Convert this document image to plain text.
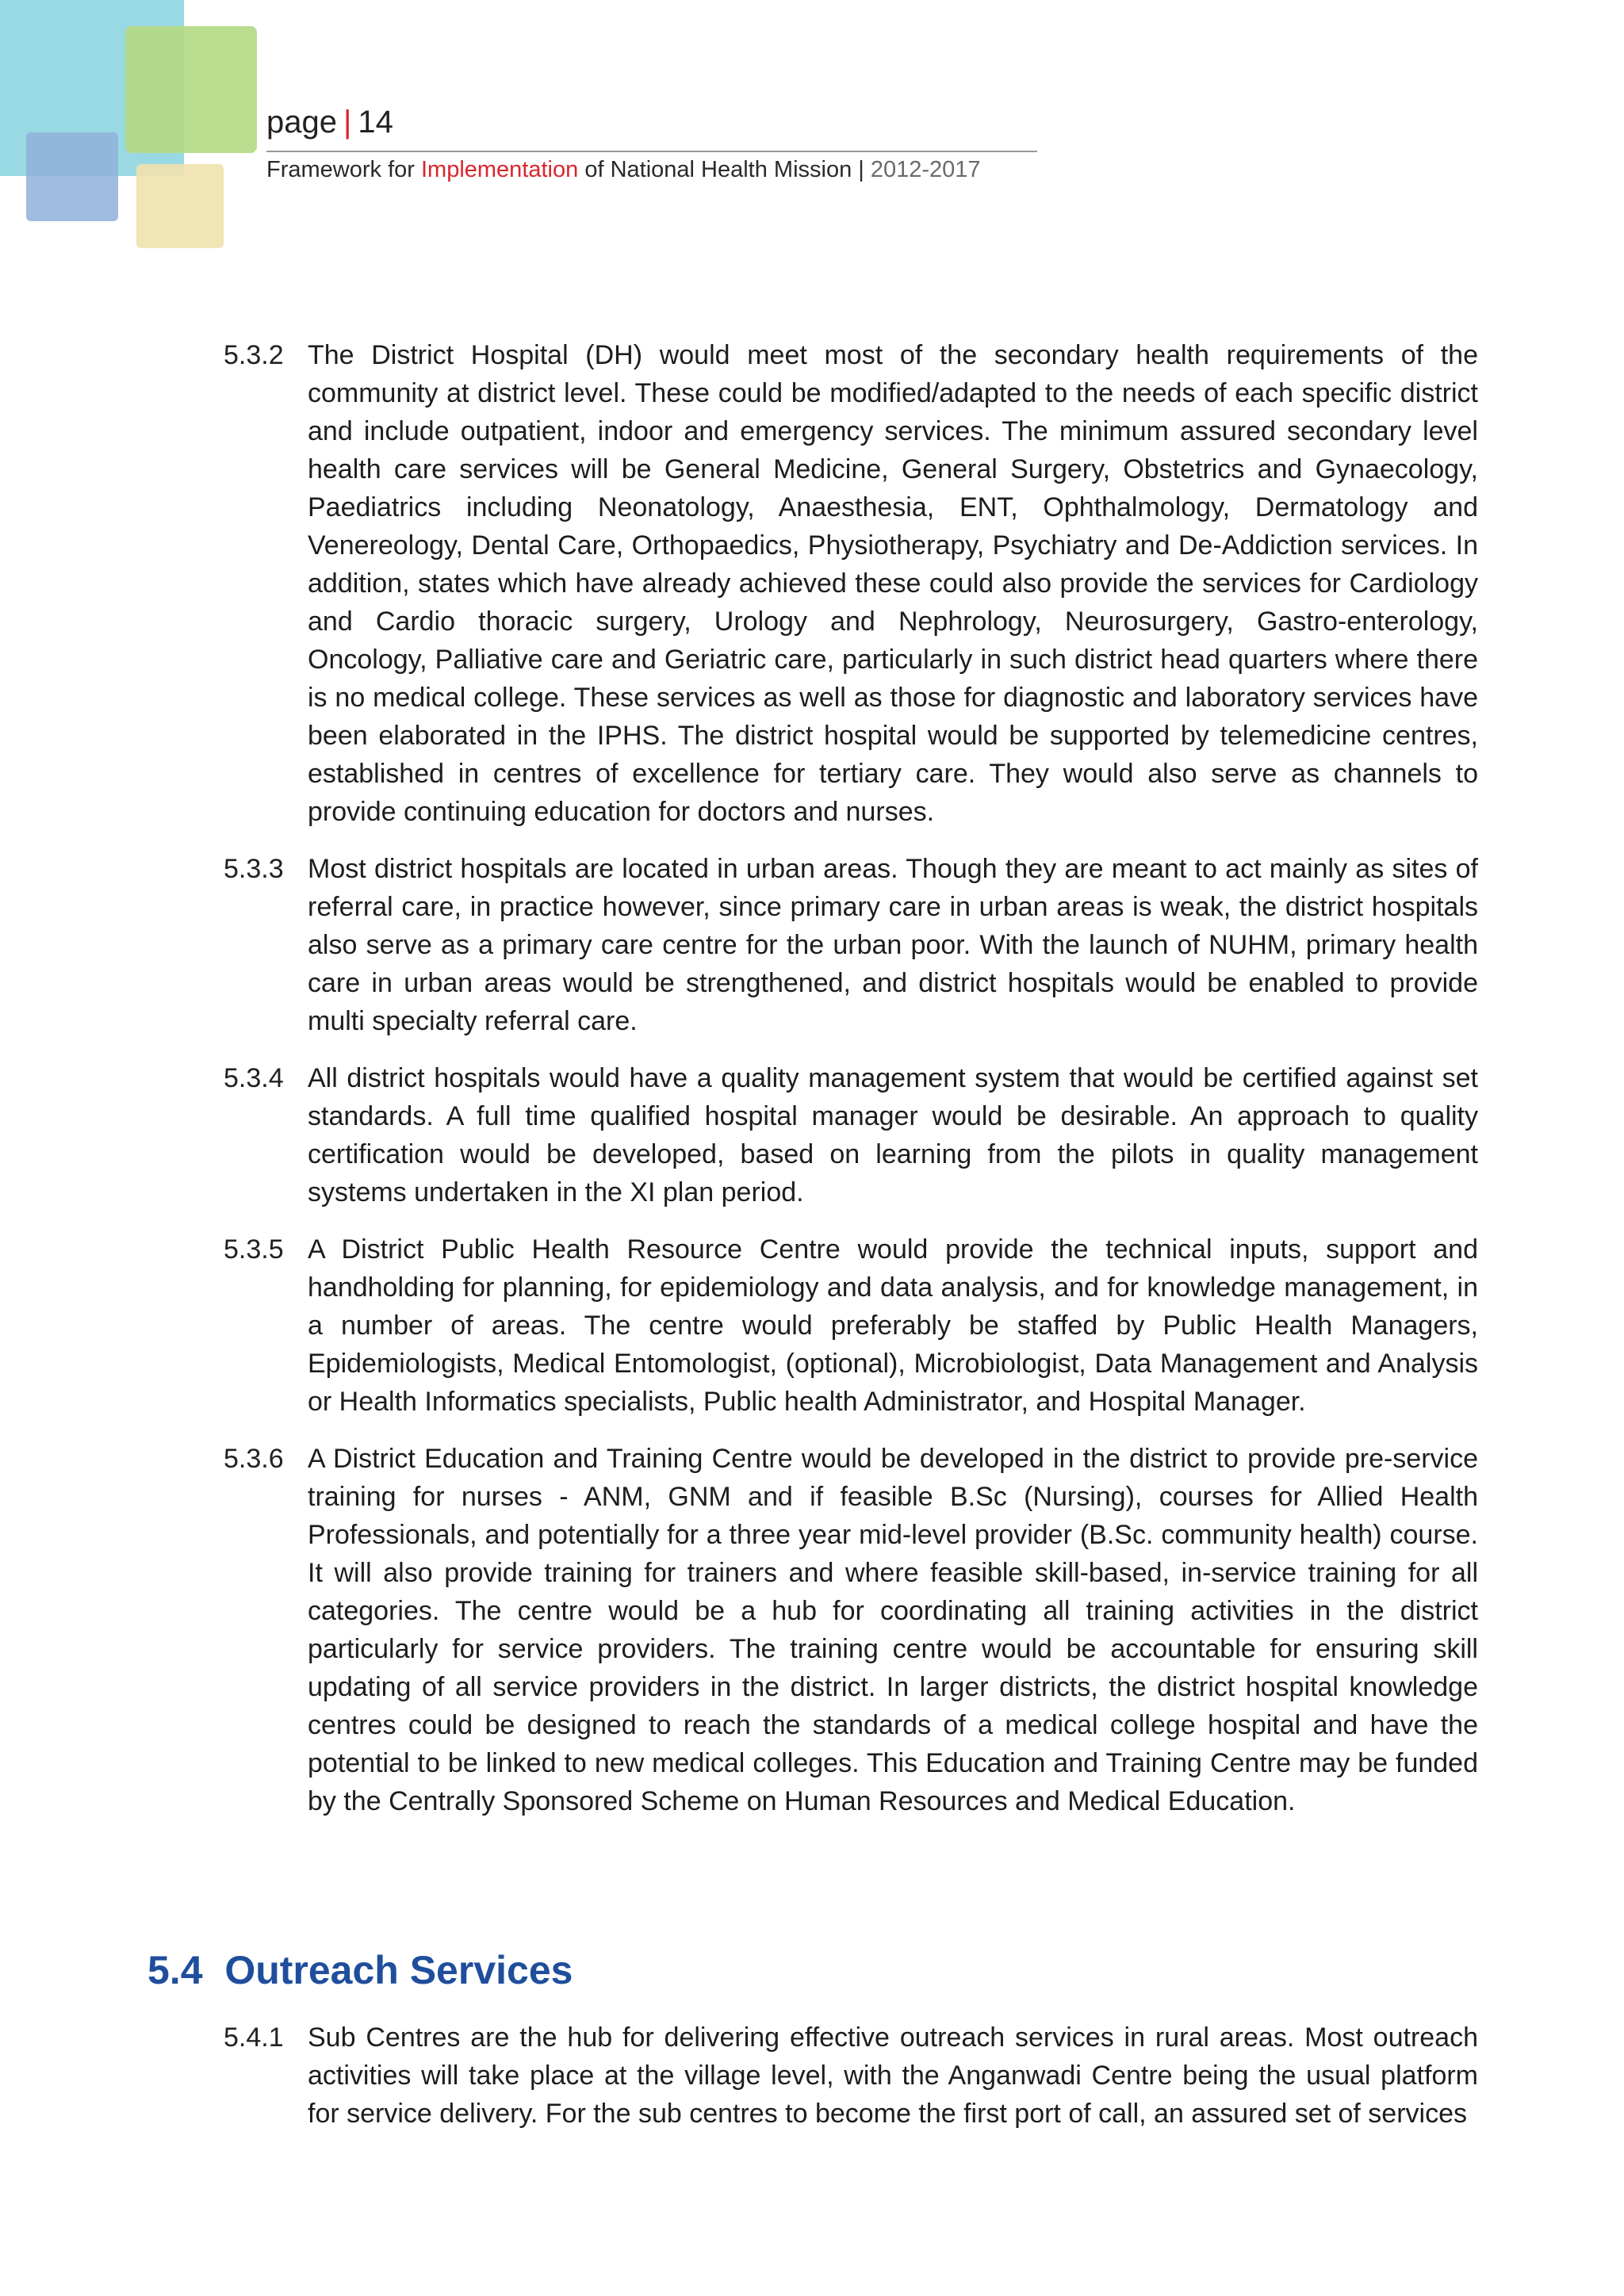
page | 14
Framework for Implementation of National Health Mission | 2012-2017
5.3.2 The District Hospital (DH) would meet most of the secondary health requirements of the community at district level. These could be modified/adapted to the needs of each specific district and include outpatient, indoor and emergency services. The minimum assured secondary level health care services will be General Medicine, General Surgery, Obstetrics and Gynaecology, Paediatrics including Neonatology, Anaesthesia, ENT, Ophthalmology, Dermatology and Venereology, Dental Care, Orthopaedics, Physiotherapy, Psychiatry and De-Addiction services. In addition, states which have already achieved these could also provide the services for Cardiology and Cardio thoracic surgery, Urology and Nephrology, Neurosurgery, Gastro-enterology, Oncology, Palliative care and Geriatric care, particularly in such district head quarters where there is no medical college. These services as well as those for diagnostic and laboratory services have been elaborated in the IPHS. The district hospital would be supported by telemedicine centres, established in centres of excellence for tertiary care. They would also serve as channels to provide continuing education for doctors and nurses.
5.3.3 Most district hospitals are located in urban areas. Though they are meant to act mainly as sites of referral care, in practice however, since primary care in urban areas is weak, the district hospitals also serve as a primary care centre for the urban poor. With the launch of NUHM, primary health care in urban areas would be strengthened, and district hospitals would be enabled to provide multi specialty referral care.
5.3.4 All district hospitals would have a quality management system that would be certified against set standards. A full time qualified hospital manager would be desirable. An approach to quality certification would be developed, based on learning from the pilots in quality management systems undertaken in the XI plan period.
5.3.5 A District Public Health Resource Centre would provide the technical inputs, support and handholding for planning, for epidemiology and data analysis, and for knowledge management, in a number of areas. The centre would preferably be staffed by Public Health Managers, Epidemiologists, Medical Entomologist, (optional), Microbiologist, Data Management and Analysis or Health Informatics specialists, Public health Administrator, and Hospital Manager.
5.3.6 A District Education and Training Centre would be developed in the district to provide pre-service training for nurses - ANM, GNM and if feasible B.Sc (Nursing), courses for Allied Health Professionals, and potentially for a three year mid-level provider (B.Sc. community health) course. It will also provide training for trainers and where feasible skill-based, in-service training for all categories. The centre would be a hub for coordinating all training activities in the district particularly for service providers. The training centre would be accountable for ensuring skill updating of all service providers in the district. In larger districts, the district hospital knowledge centres could be designed to reach the standards of a medical college hospital and have the potential to be linked to new medical colleges. This Education and Training Centre may be funded by the Centrally Sponsored Scheme on Human Resources and Medical Education.
5.4 Outreach Services
5.4.1 Sub Centres are the hub for delivering effective outreach services in rural areas. Most outreach activities will take place at the village level, with the Anganwadi Centre being the usual platform for service delivery. For the sub centres to become the first port of call, an assured set of services
